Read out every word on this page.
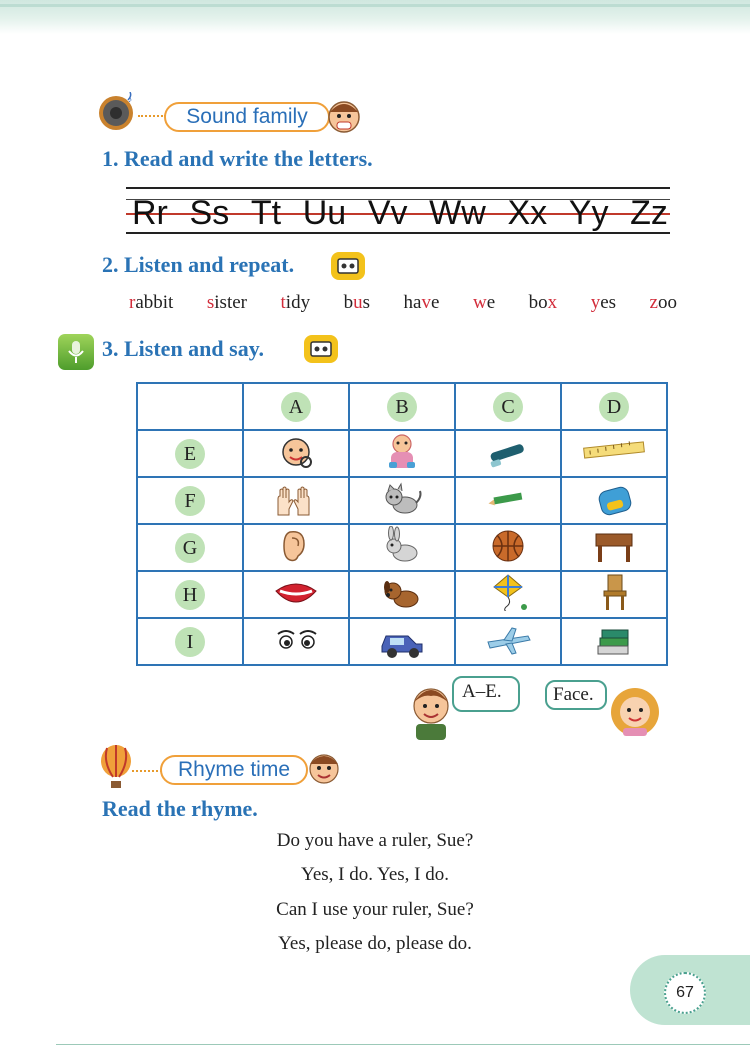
♪
Sound family
1. Read and write the letters.
Rr Ss Tt Uu Vv Ww Xx Yy Zz
2. Listen and repeat.
rabbit sister tidy bus have we box yes zoo
3. Listen and say.
	A	B	C	D
E				
F				
G				
H				
I				
A–E.	Face.
Rhyme time
Read the rhyme.
Do you have a ruler, Sue?
Yes, I do. Yes, I do.
Can I use your ruler, Sue?
Yes, please do, please do.
67
